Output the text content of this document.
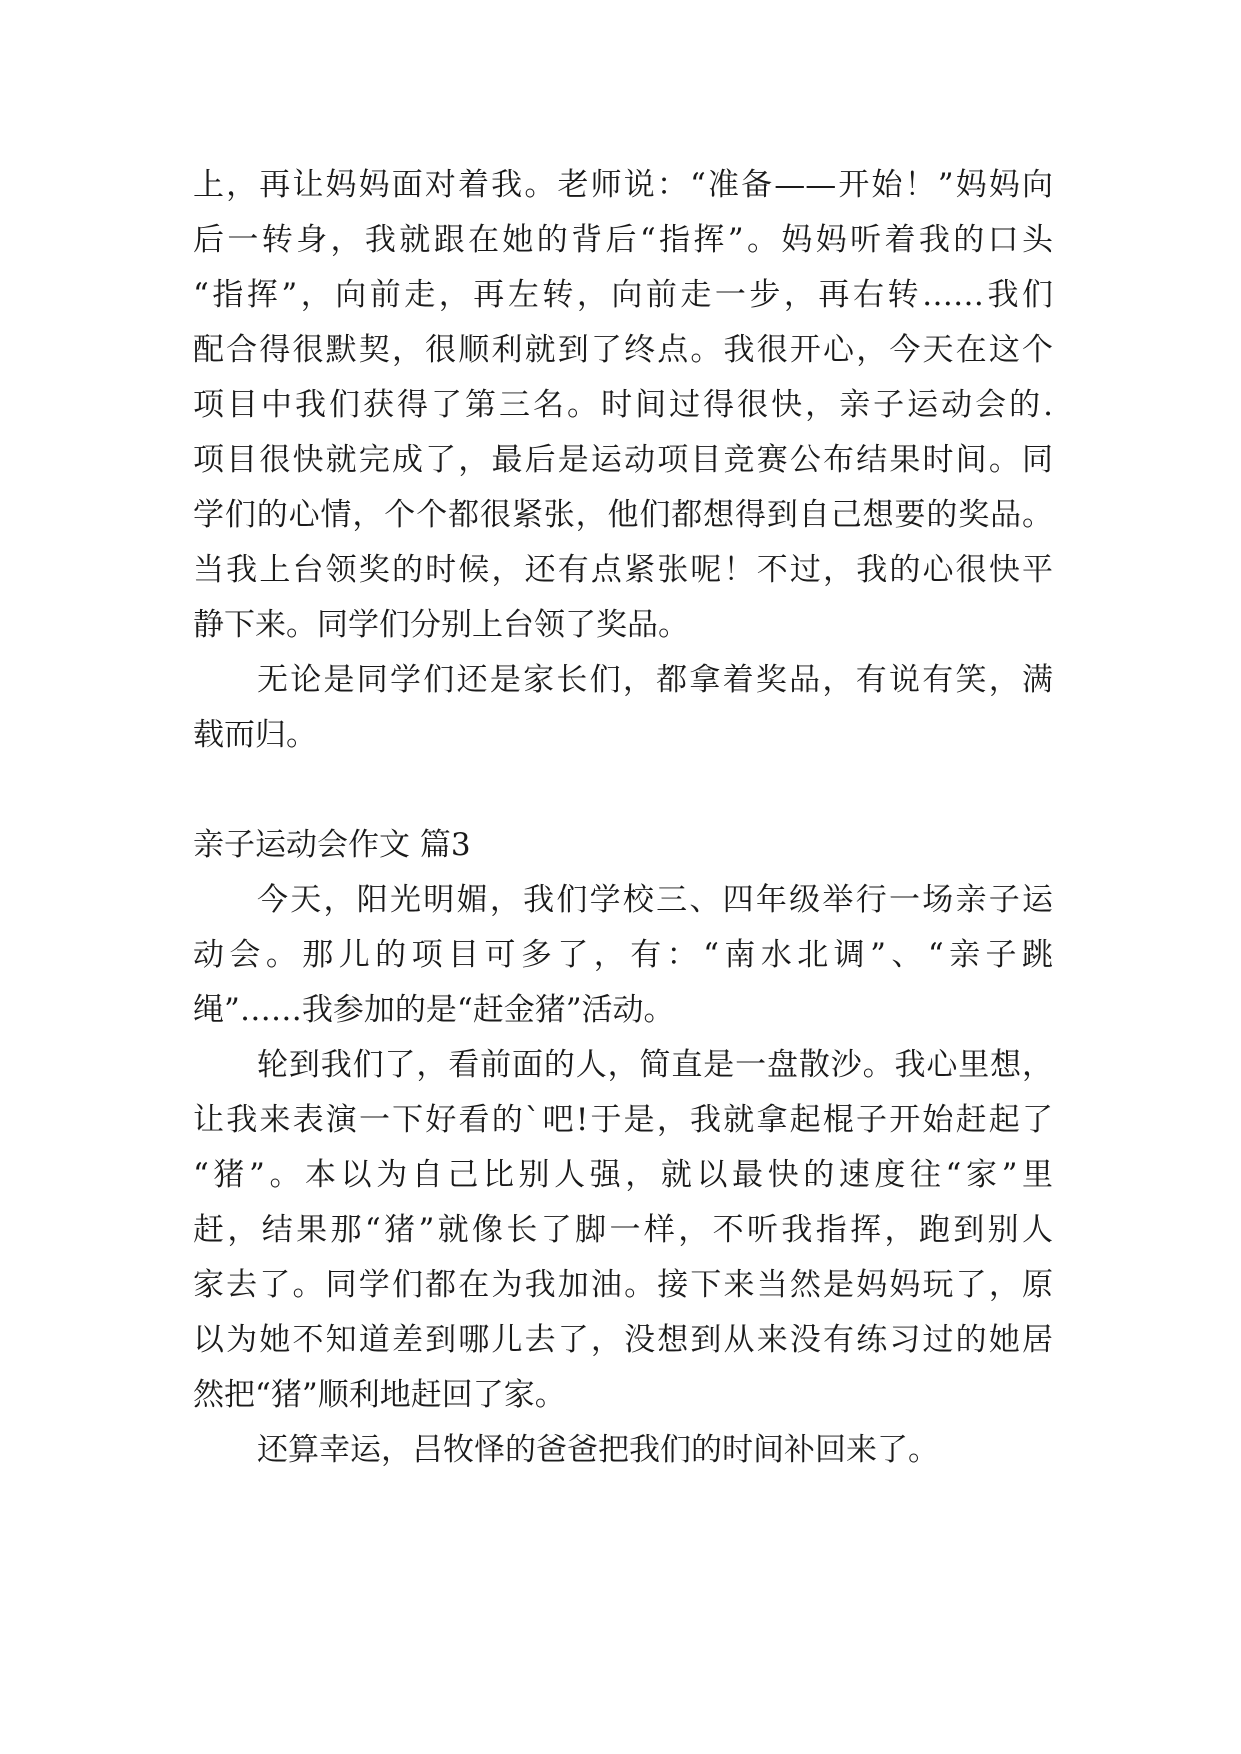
上，再让妈妈面对着我。老师说：“准备——开始！”妈妈向
后一转身，我就跟在她的背后“指挥”。妈妈听着我的口头
“指挥”，向前走，再左转，向前走一步，再右转……我们
配合得很默契，很顺利就到了终点。我很开心，今天在这个
项目中我们获得了第三名。时间过得很快，亲子运动会的.
项目很快就完成了，最后是运动项目竞赛公布结果时间。同
学们的心情，个个都很紧张，他们都想得到自己想要的奖品。
当我上台领奖的时候，还有点紧张呢！不过，我的心很快平
静下来。同学们分别上台领了奖品。
无论是同学们还是家长们，都拿着奖品，有说有笑，满
载而归。
亲子运动会作文 篇3
今天，阳光明媚，我们学校三、四年级举行一场亲子运
动会。那儿的项目可多了，有：“南水北调”、“亲子跳
绳”……我参加的是“赶金猪”活动。
轮到我们了，看前面的人，简直是一盘散沙。我心里想，
让我来表演一下好看的`吧!于是，我就拿起棍子开始赶起了
“猪”。本以为自己比别人强，就以最快的速度往“家”里
赶，结果那“猪”就像长了脚一样，不听我指挥，跑到别人
家去了。同学们都在为我加油。接下来当然是妈妈玩了，原
以为她不知道差到哪儿去了，没想到从来没有练习过的她居
然把“猪”顺利地赶回了家。
还算幸运，吕牧怿的爸爸把我们的时间补回来了。
